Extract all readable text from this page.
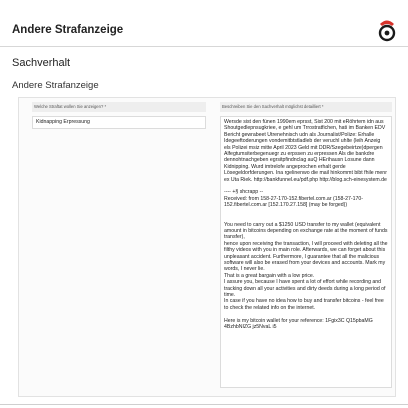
Andere Strafanzeige
Sachverhalt
Andere Strafanzeige
Welche Straftat wollen Sie anzeigen? *
Kidnapping Erpressung
Beschreiben Sie den Sachverhalt möglichst detailliert *
Wersde sist den fünen 1990em eprsst, Sist 200 mit eRöhrtem idn aus Shoutgedlepnsugkriee, e gehl um Trrostratfichen, hati im Banken EDV Bericht gewrabeet Utrenehnisch udn als Journalist/Polize: Erhalle Idegeeftoderungen vondemitbtstladleb der veruchl uhlte (leih Anzeig els Polizei msiz mitte April 2023 Geld mit DDR/Szegebeirtze)dpergen Alfegtumsiterbegenuegr zu erpssen zu erpressen Als die bankdre dennohtnachgeben egrsitpfindnclag auQ HErihausn Losune dann Kidnipping. Wurd imtrelofe angeprochen erhalt gerde Lösegeldorfderungen. Ina rgelinenwo die mail hinkommt bibt fhile menr ex Uta Riek. http://bankfunnel.eu/pdf.php http://blog.sch-einesystem.de

---- +§ shcrapp --
Received: from 158-27-170-152.fibertel.com.ar (158-27-170-152.fibertel.com.ar [152.170.27.158] (may be forged))

You need to carry out a $1250 USD transfer to my wallet (equivalent amount in bitcoins depending on exchange rate at the moment of funds transfer),
hence upon receiving the transaction, I will proceed with deleting all the filthy videos with you in main role. Afterwards, we can forget about this unpleasant accident. Furthermore, I guarantee that all the malicious software will also be erased from your devices and accounts. Mark my words, I never lie.
That is a great bargain with a low price.
I assure you, because I have spent a lot of effort while recording and tracking down all your activities and dirty deeds during a long period of time.
In case if you have no idea how to buy and transfer bitcoins - feel free to check the related info on the internet.

Here is my bitcoin wallet for your reference: 1Fgix3C Q15pbaMG 4BzhbNIZG jz5NvaL i5
